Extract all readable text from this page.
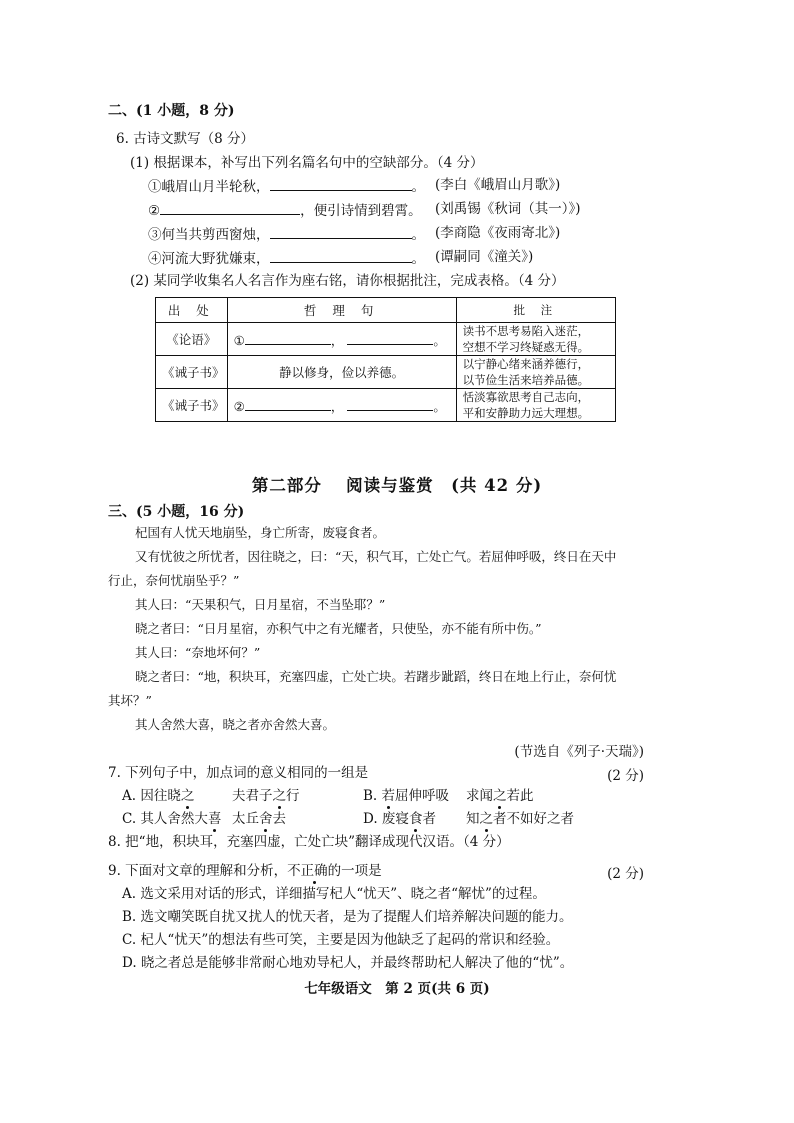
二、(1 小题，8 分)
6. 古诗文默写（8 分）
(1) 根据课本，补写出下列名篇名句中的空缺部分。（4 分）
①峨眉山月半轮秋，	。 (李白《峨眉山月歌》)
②	，便引诗情到碧霄。 (刘禹锡《秋词（其一）》)
③何当共剪西窗烛，	。 (李商隐《夜雨寄北》)
④河流大野犹嫌束，	。 (谭嗣同《潼关》)
(2) 某同学收集名人名言作为座右铭，请你根据批注，完成表格。（4 分）
出 处	哲 理 句	批 注
《论语》	① ， 。	读书不思考易陷入迷茫，
空想不学习终疑惑无得。

《诫子书》	静以修身，俭以养德。	以宁静心绪来涵养德行，
以节俭生活来培养品德。

《诫子书》	② ， 。	恬淡寡欲思考自己志向，
平和安静助力远大理想。
第二部分　 阅读与鉴赏　(共 42 分)
三、(5 小题，16 分)
杞国有人忧天地崩坠，身亡所寄，废寝食者。
又有忧彼之所忧者，因往晓之，曰：“天，积气耳，亡处亡气。若屈伸呼吸，终日在天中
行止，奈何忧崩坠乎？”
其人曰：“天果积气，日月星宿，不当坠耶？”
晓之者曰：“日月星宿，亦积气中之有光耀者，只使坠，亦不能有所中伤。”
其人曰：“奈地坏何？”
晓之者曰：“地，积块耳，充塞四虚，亡处亡块。若躇步跐蹈，终日在地上行止，奈何忧
其坏？”
其人舍然大喜，晓之者亦舍然大喜。
(节选自《列子·天瑞》)
7. 下列句子中，加点词的意义相同的一组是	(2 分)
A. 因往晓之	夫君子之行	B. 若屈伸呼吸 求闻之若此
C. 其人舍然大喜 太丘舍去	D. 废寝食者 知之者不如好之者
8. 把“地，积块耳，充塞四虚，亡处亡块”翻译成现代汉语。（4 分）
9. 下面对文章的理解和分析，不正确的一项是	(2 分)
A. 选文采用对话的形式，详细描写杞人“忧天”、晓之者“解忧”的过程。
B. 选文嘲笑既自扰又扰人的忧天者，是为了提醒人们培养解决问题的能力。
C. 杞人“忧天”的想法有些可笑，主要是因为他缺乏了起码的常识和经验。
D. 晓之者总是能够非常耐心地劝导杞人，并最终帮助杞人解决了他的“忧”。
七年级语文　第 2 页(共 6 页)
